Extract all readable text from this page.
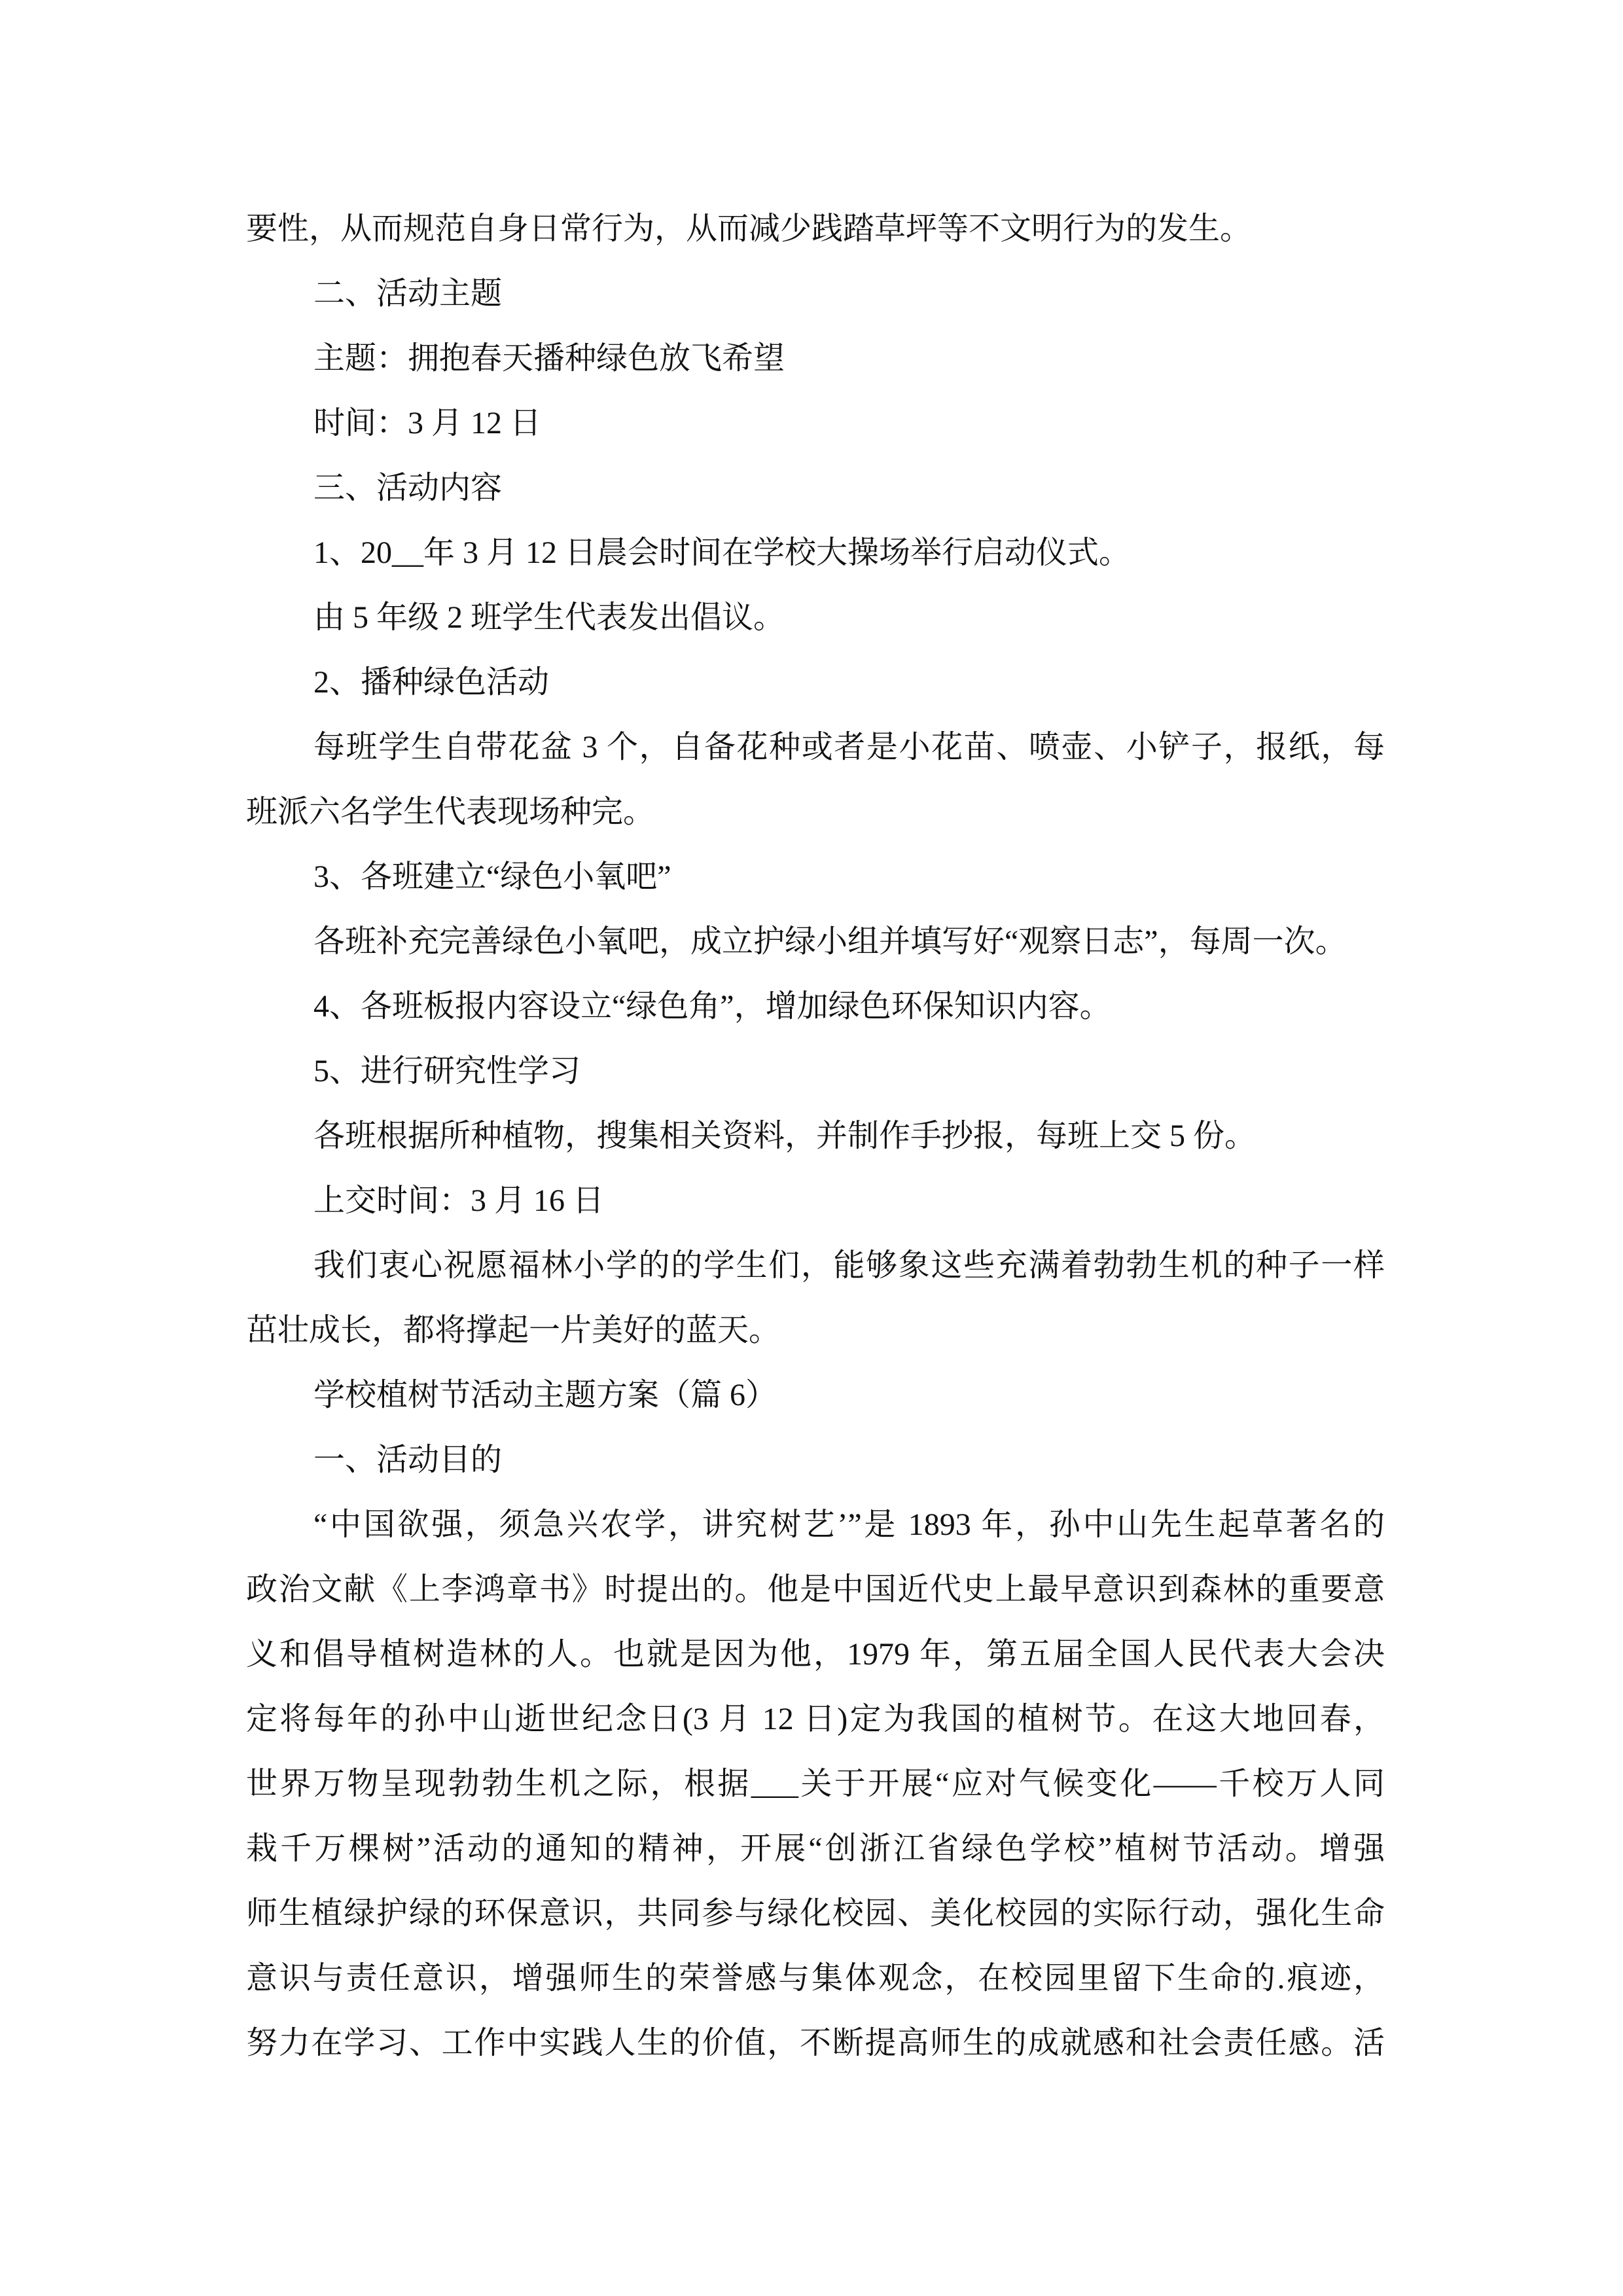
要性，从而规范自身日常行为，从而减少践踏草坪等不文明行为的发生。
二、活动主题
主题：拥抱春天播种绿色放飞希望
时间：3 月 12 日
三、活动内容
1、20__年 3 月 12 日晨会时间在学校大操场举行启动仪式。
由 5 年级 2 班学生代表发出倡议。
2、播种绿色活动
每班学生自带花盆 3 个，自备花种或者是小花苗、喷壶、小铲子，报纸，每
班派六名学生代表现场种完。
3、各班建立“绿色小氧吧”
各班补充完善绿色小氧吧，成立护绿小组并填写好“观察日志”，每周一次。
4、各班板报内容设立“绿色角”，增加绿色环保知识内容。
5、进行研究性学习
各班根据所种植物，搜集相关资料，并制作手抄报，每班上交 5 份。
上交时间：3 月 16 日
我们衷心祝愿福林小学的的学生们，能够象这些充满着勃勃生机的种子一样
茁壮成长，都将撑起一片美好的蓝天。
学校植树节活动主题方案（篇 6）
一、活动目的
“中国欲强，须急兴农学，讲究树艺’”是 1893 年，孙中山先生起草著名的
政治文献《上李鸿章书》时提出的。他是中国近代史上最早意识到森林的重要意
义和倡导植树造林的人。也就是因为他，1979 年，第五届全国人民代表大会决
定将每年的孙中山逝世纪念日(3 月 12 日)定为我国的植树节。在这大地回春，
世界万物呈现勃勃生机之际，根据___关于开展“应对气候变化——千校万人同
栽千万棵树”活动的通知的精神，开展“创浙江省绿色学校”植树节活动。增强
师生植绿护绿的环保意识，共同参与绿化校园、美化校园的实际行动，强化生命
意识与责任意识，增强师生的荣誉感与集体观念，在校园里留下生命的.痕迹，
努力在学习、工作中实践人生的价值，不断提高师生的成就感和社会责任感。活
